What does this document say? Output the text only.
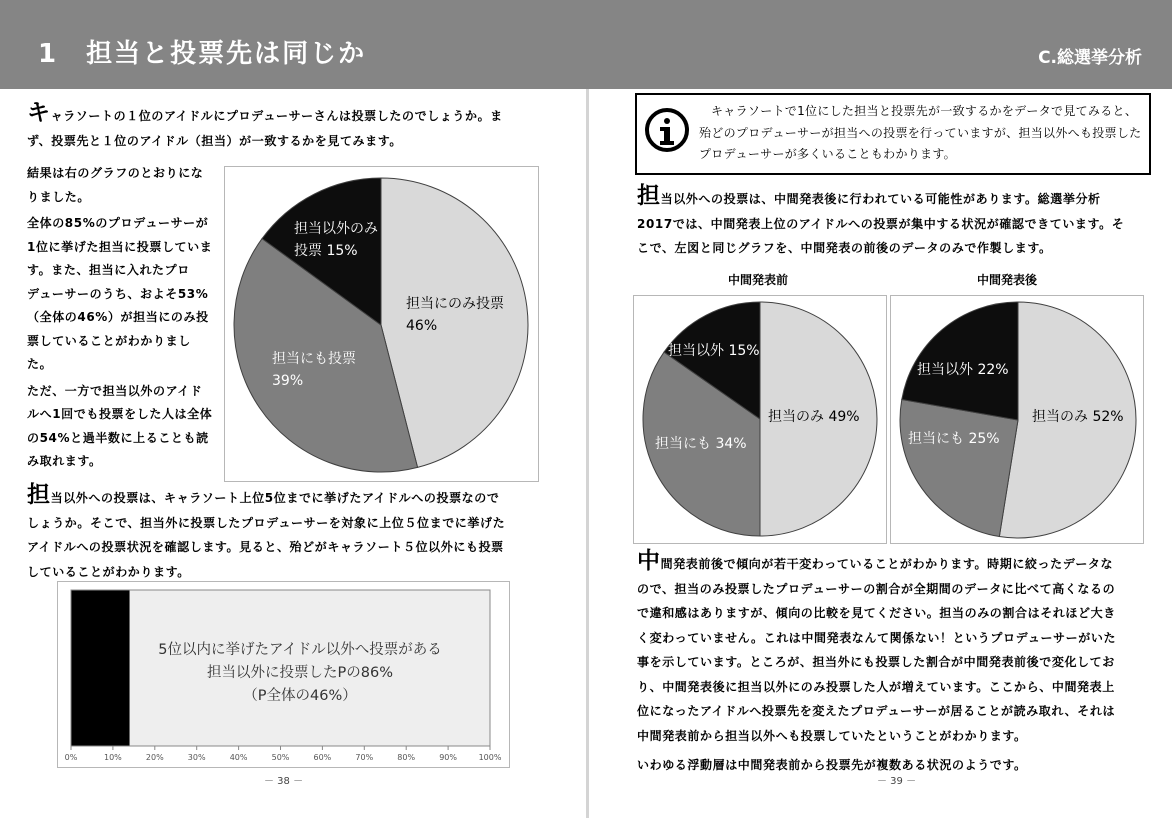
1　担当と投票先は同じか	C.総選挙分析
キャラソートの１位のアイドルにプロデューサーさんは投票したのでしょうか。ま
ず、投票先と１位のアイドル（担当）が一致するかを見てみます。
結果は右のグラフのとおりにな
りました。
全体の85%のプロデューサーが
1位に挙げた担当に投票していま
す。また、担当に入れたプロ
デューサーのうち、およそ53%
（全体の46%）が担当にのみ投
票していることがわかりまし
た。
ただ、一方で担当以外のアイド
ルへ1回でも投票をした人は全体
の54%と過半数に上ることも読
み取れます。
担当にのみ投票
46%
担当にも投票
39%
担当以外のみ
投票 15%
担当以外への投票は、キャラソート上位5位までに挙げたアイドルへの投票なので
しょうか。そこで、担当外に投票したプロデューサーを対象に上位５位までに挙げた
アイドルへの投票状況を確認します。見ると、殆どがキャラソート５位以外にも投票
していることがわかります。
0%	10%	20%	30%	40%	50%	60%	70%	80%	90%	100%
5位以内に挙げたアイドル以外へ投票がある
担当以外に投票したPの86%
（P全体の46%）
－ 38 －
キャラソートで1位にした担当と投票先が一致するかをデータで見てみると、殆どのプロデューサーが担当への投票を行っていますが、担当以外へも投票したプロデューサーが多くいることもわかります。
担当以外への投票は、中間発表後に行われている可能性があります。総選挙分析
2017では、中間発表上位のアイドルへの投票が集中する状況が確認できています。そ
こで、左図と同じグラフを、中間発表の前後のデータのみで作製します。
中間発表前	中間発表後
担当のみ 49%
担当にも 34%
担当以外 15%
担当のみ 52%
担当にも 25%
担当以外 22%
中間発表前後で傾向が若干変わっていることがわかります。時期に絞ったデータな
ので、担当のみ投票したプロデューサーの割合が全期間のデータに比べて高くなるの
で違和感はありますが、傾向の比較を見てください。担当のみの割合はそれほど大き
く変わっていません。これは中間発表なんて関係ない！というプロデューサーがいた
事を示しています。ところが、担当外にも投票した割合が中間発表前後で変化してお
り、中間発表後に担当以外にのみ投票した人が増えています。ここから、中間発表上
位になったアイドルへ投票先を変えたプロデューサーが居ることが読み取れ、それは
中間発表前から担当以外へも投票していたということがわかります。
いわゆる浮動層は中間発表前から投票先が複数ある状況のようです。
－ 39 －
